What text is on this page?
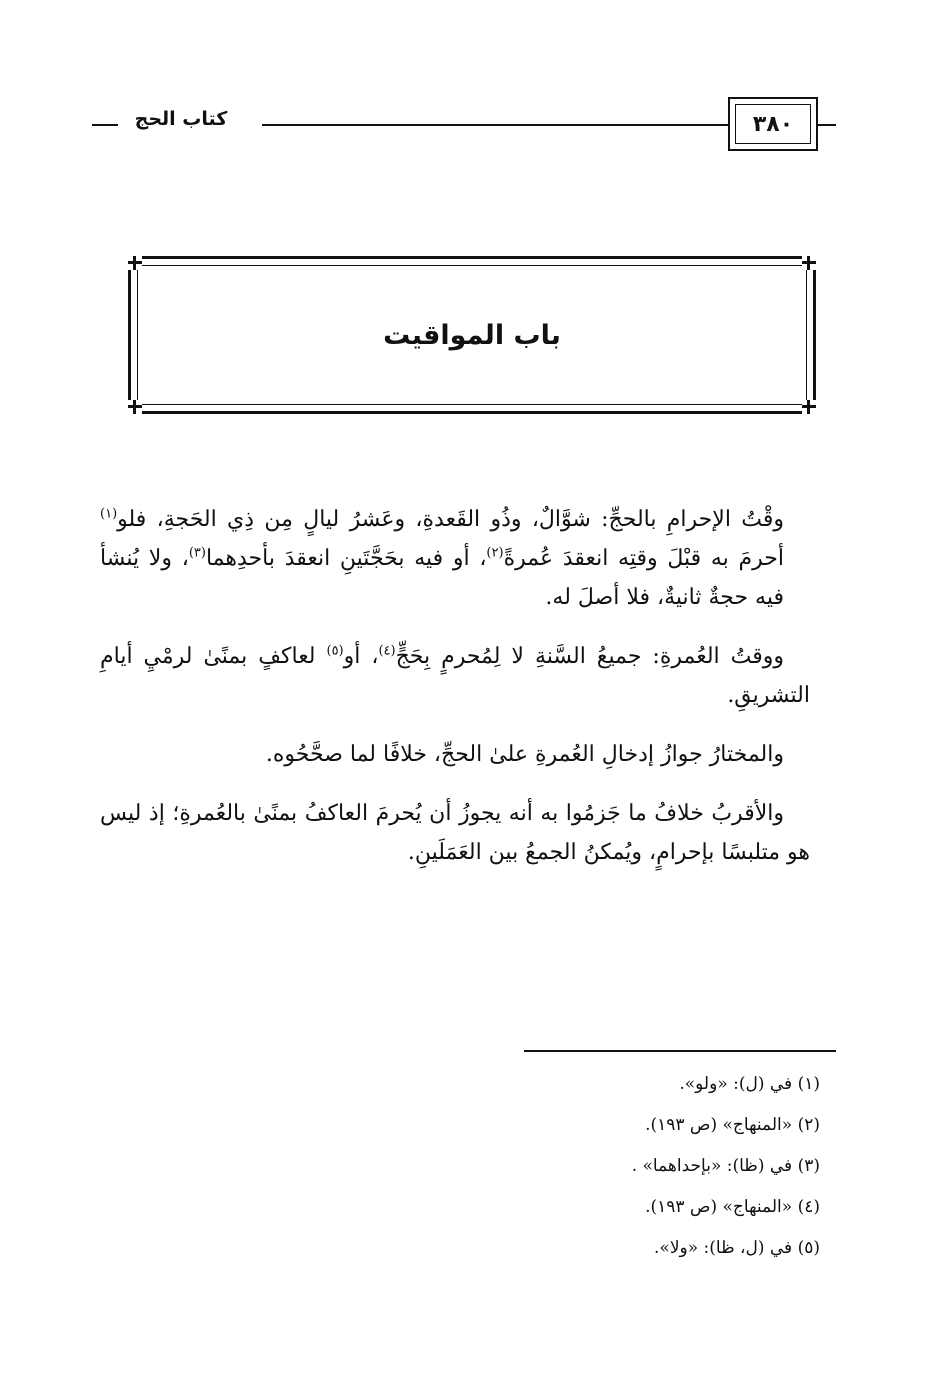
كتاب الحج	٣٨٠
باب المواقيت

وقْتُ الإحرامِ بالحجِّ: شوَّالٌ، وذُو القَعدةِ، وعَشرُ ليالٍ مِن ذِي الحَجةِ، فلو$^{(١)}$ أحرمَ به قبْلَ وقتِه انعقدَ عُمرةً$^{(٢)}$، أو فيه بحَجَّتَينِ انعقدَ بأحدِهما$^{(٣)}$، ولا يُنشأ فيه حجةٌ ثانيةٌ، فلا أصلَ له.

ووقتُ العُمرةِ: جميعُ السَّنةِ لا لِمُحرمٍ بِحَجٍّ$^{(٤)}$، أو$^{(٥)}$ لعاكفٍ بمنًىٰ لرمْيِ أيامِ التشريقِ.

والمختارُ جوازُ إدخالِ العُمرةِ علىٰ الحجِّ، خلافًا لما صحَّحُوه.

والأقربُ خلافُ ما جَزمُوا به أنه يجوزُ أن يُحرمَ العاكفُ بمنًىٰ بالعُمرةِ؛ إذ ليس هو متلبسًا بإحرامٍ، ويُمكنُ الجمعُ بين العَمَلَينِ.

(١) في (ل): «ولو».
(٢) «المنهاج» (ص ١٩٣).
(٣) في (ظا): «بإحداهما» .
(٤) «المنهاج» (ص ١٩٣).
(٥) في (ل، ظا): «ولا».
